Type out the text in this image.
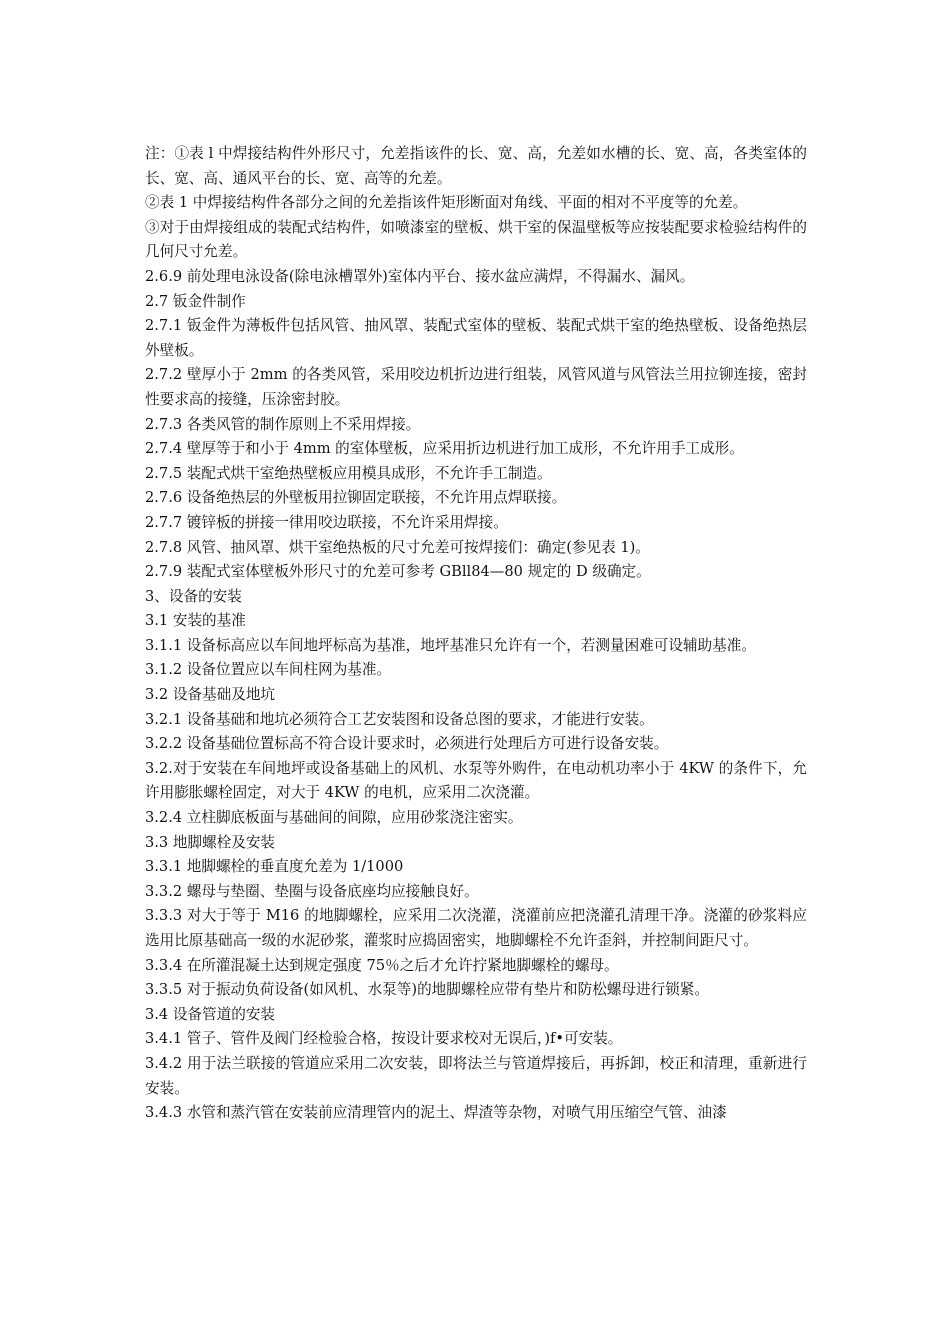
注：①表 l 中焊接结构件外形尺寸，允差指该件的长、宽、高，允差如水槽的长、宽、高，各类室体的长、宽、高、通风平台的长、宽、高等的允差。

②表 1 中焊接结构件各部分之间的允差指该件矩形断面对角线、平面的相对不平度等的允差。

③对于由焊接组成的装配式结构件，如喷漆室的壁板、烘干室的保温壁板等应按装配要求检验结构件的几何尺寸允差。

2.6.9 前处理电泳设备(除电泳槽罩外)室体内平台、接水盆应满焊，不得漏水、漏风。

2.7 钣金件制作

2.7.1 钣金件为薄板件包括风管、抽风罩、装配式室体的壁板、装配式烘干室的绝热壁板、设备绝热层外壁板。

2.7.2 壁厚小于 2mm 的各类风管，采用咬边机折边进行组装，风管风道与风管法兰用拉铆连接，密封性要求高的接缝，压涂密封胶。

2.7.3 各类风管的制作原则上不采用焊接。

2.7.4 壁厚等于和小于 4mm 的室体壁板，应采用折边机进行加工成形，不允许用手工成形。

2.7.5 装配式烘干室绝热壁板应用模具成形，不允许手工制造。

2.7.6 设备绝热层的外壁板用拉铆固定联接，不允许用点焊联接。

2.7.7 镀锌板的拼接一律用咬边联接，不允许采用焊接。

2.7.8 风管、抽风罩、烘干室绝热板的尺寸允差可按焊接们：确定(参见表 1)。

2.7.9 装配式室体壁板外形尺寸的允差可参考 GBll84—80 规定的 D 级确定。

3、设备的安装

3.1 安装的基准

3.1.1 设备标高应以车间地坪标高为基准，地坪基准只允许有一个，若测量困难可设辅助基准。

3.1.2 设备位置应以车间柱网为基准。

3.2 设备基础及地坑

3.2.1 设备基础和地坑必须符合工艺安装图和设备总图的要求，才能进行安装。

3.2.2 设备基础位置标高不符合设计要求时，必须进行处理后方可进行设备安装。

3.2.对于安装在车间地坪或设备基础上的风机、水泵等外购件，在电动机功率小于 4KW 的条件下，允许用膨胀螺栓固定，对大于 4KW 的电机，应采用二次浇灌。

3.2.4 立柱脚底板面与基础间的间隙，应用砂浆浇注密实。

3.3 地脚螺栓及安装

3.3.1 地脚螺栓的垂直度允差为 1/1000

3.3.2 螺母与垫圈、垫圈与设备底座均应接触良好。

3.3.3 对大于等于 M16 的地脚螺栓，应采用二次浇灌，浇灌前应把浇灌孔清理干净。浇灌的砂浆料应选用比原基础高一级的水泥砂浆，灌浆时应捣固密实，地脚螺栓不允许歪斜，并控制间距尺寸。

3.3.4 在所灌混凝土达到规定强度 75％之后才允许拧紧地脚螺栓的螺母。

3.3.5 对于振动负荷设备(如风机、水泵等)的地脚螺栓应带有垫片和防松螺母进行锁紧。

3.4 设备管道的安装

3.4.1 管子、管件及阀门经检验合格，按设计要求校对无误后，)f•可安装。

3.4.2 用于法兰联接的管道应采用二次安装，即将法兰与管道焊接后，再拆卸，校正和清理，重新进行安装。

3.4.3 水管和蒸汽管在安装前应清理管内的泥土、焊渣等杂物，对喷气用压缩空气管、油漆
